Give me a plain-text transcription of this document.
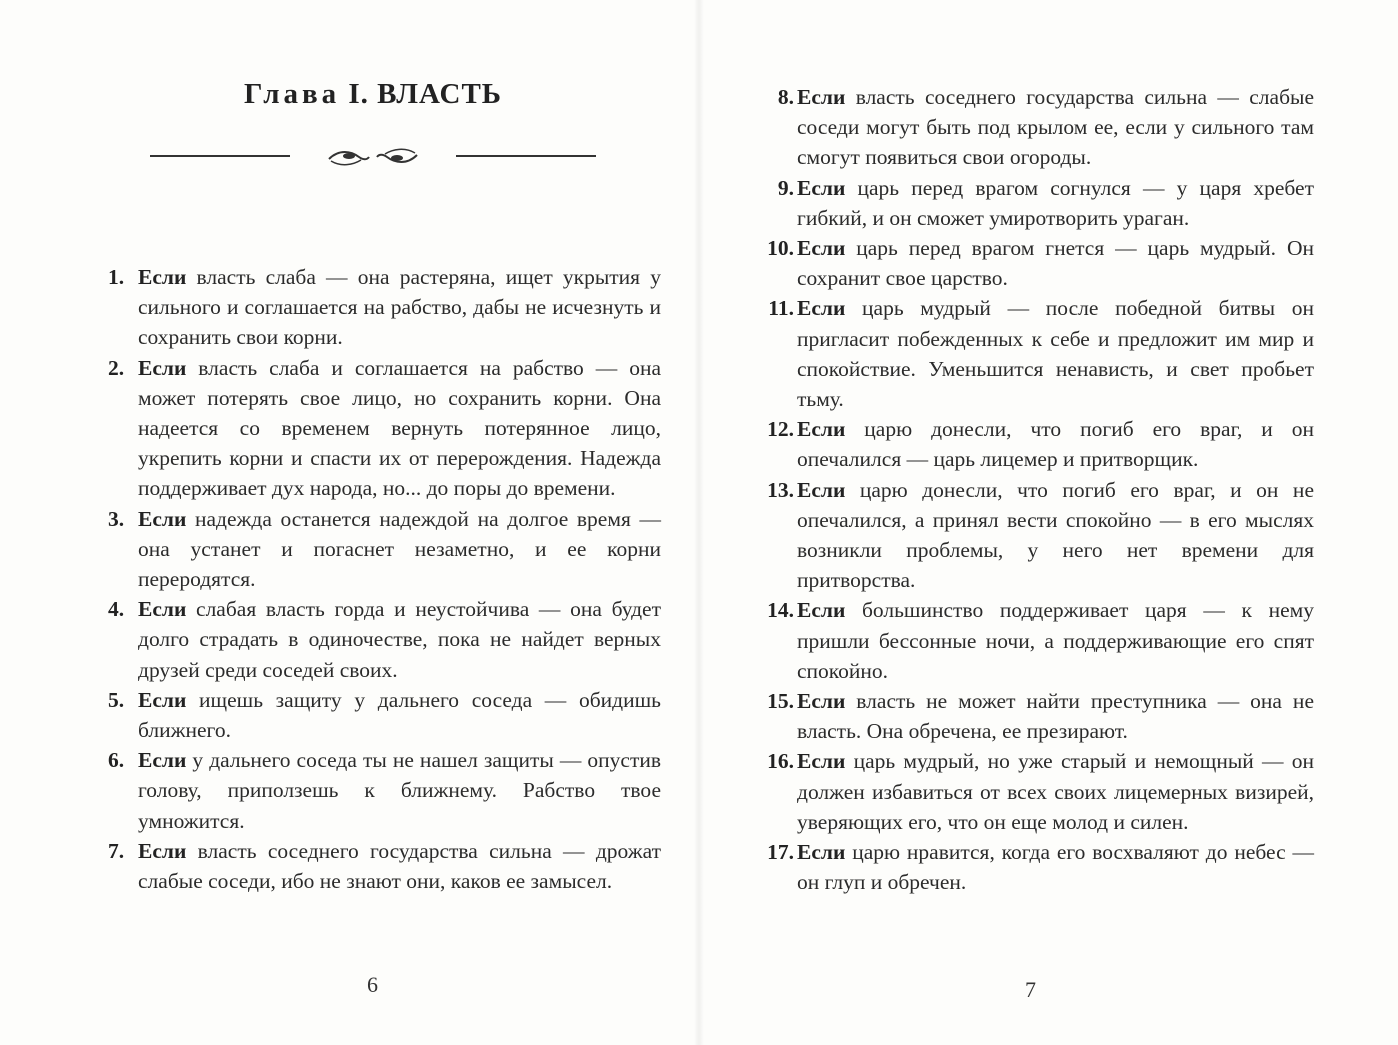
Глава I. ВЛАСТЬ

1. Если власть слаба — она растеряна, ищет укрытия у сильного и соглашается на рабство, дабы не исчезнуть и сохранить свои корни.

2. Если власть слаба и соглашается на рабство — она может потерять свое лицо, но сохранить корни. Она надеется со временем вернуть потерянное лицо, укрепить корни и спасти их от перерождения. Надежда поддерживает дух народа, но... до поры до времени.

3. Если надежда останется надеждой на долгое время — она устанет и погаснет незаметно, и ее корни переродятся.

4. Если слабая власть горда и неустойчива — она будет долго страдать в одиночестве, пока не найдет верных друзей среди соседей своих.

5. Если ищешь защиту у дальнего соседа — обидишь ближнего.

6. Если у дальнего соседа ты не нашел защиты — опустив голову, приползешь к ближнему. Рабство твое умножится.

7. Если власть соседнего государства сильна — дрожат слабые соседи, ибо не знают они, каков ее замысел.

6

8. Если власть соседнего государства сильна — слабые соседи могут быть под крылом ее, если у сильного там смогут появиться свои огороды.

9. Если царь перед врагом согнулся — у царя хребет гибкий, и он сможет умиротворить ураган.

10. Если царь перед врагом гнется — царь мудрый. Он сохранит свое царство.

11. Если царь мудрый — после победной битвы он пригласит побежденных к себе и предложит им мир и спокойствие. Уменьшится ненависть, и свет пробьет тьму.

12. Если царю донесли, что погиб его враг, и он опечалился — царь лицемер и притворщик.

13. Если царю донесли, что погиб его враг, и он не опечалился, а принял вести спокойно — в его мыслях возникли проблемы, у него нет времени для притворства.

14. Если большинство поддерживает царя — к нему пришли бессонные ночи, а поддерживающие его спят спокойно.

15. Если власть не может найти преступника — она не власть. Она обречена, ее презирают.

16. Если царь мудрый, но уже старый и немощный — он должен избавиться от всех своих лицемерных визирей, уверяющих его, что он еще молод и силен.

17. Если царю нравится, когда его восхваляют до небес — он глуп и обречен.

7
